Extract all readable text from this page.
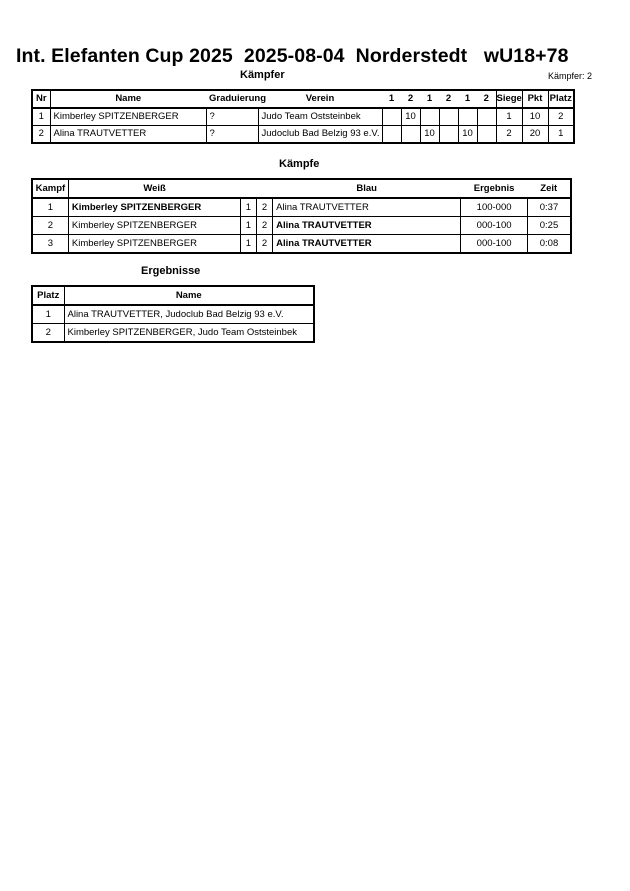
Int. Elefanten Cup 2025  2025-08-04  Norderstedt   wU18+78
Kämpfer	Kämpfer: 2
Nr	Name	Graduierung	Verein	1	2	1	2	1	2	Siege	Pkt	Platz
1	Kimberley SPITZENBERGER	?	Judo Team Oststeinbek		10					1	10	2
2	Alina TRAUTVETTER	?	Judoclub Bad Belzig 93 e.V.			10		10		2	20	1
Kämpfe
Kampf	Weiß			Blau	Ergebnis	Zeit
1	Kimberley SPITZENBERGER	1	2	Alina TRAUTVETTER	100-000	0:37
2	Kimberley SPITZENBERGER	1	2	Alina TRAUTVETTER	000-100	0:25
3	Kimberley SPITZENBERGER	1	2	Alina TRAUTVETTER	000-100	0:08
Ergebnisse
Platz	Name
1	Alina TRAUTVETTER, Judoclub Bad Belzig 93 e.V.
2	Kimberley SPITZENBERGER, Judo Team Oststeinbek
